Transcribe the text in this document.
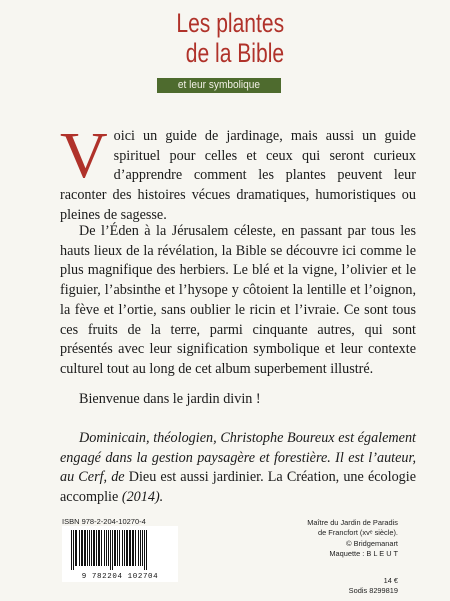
Les plantes
de la Bible
et leur symbolique
V oici un guide de jardinage, mais aussi un guide spirituel pour celles et ceux qui seront curieux d’apprendre comment les plantes peuvent leur raconter des histoires vécues dramatiques, humoristiques ou pleines de sagesse.
De l’Éden à la Jérusalem céleste, en passant par tous les hauts lieux de la révélation, la Bible se découvre ici comme le plus magnifique des herbiers. Le blé et la vigne, l’olivier et le figuier, l’absinthe et l’hysope y côtoient la lentille et l’oignon, la fève et l’ortie, sans oublier le ricin et l’ivraie. Ce sont tous ces fruits de la terre, parmi cinquante autres, qui sont présentés avec leur signification symbolique et leur contexte culturel tout au long de cet album superbement illustré.
Bienvenue dans le jardin divin !
Dominicain, théologien, Christophe Boureux est également engagé dans la gestion paysagère et forestière. Il est l’auteur, au Cerf, de Dieu est aussi jardinier. La Création, une écologie accomplie (2014).
ISBN 978-2-204-10270-4
9 782204 102704
Maître du Jardin de Paradis
de Francfort (xvᵉ siècle).
© Bridgemanart
Maquette : B L E U T
14 €
Sodis 8299819
